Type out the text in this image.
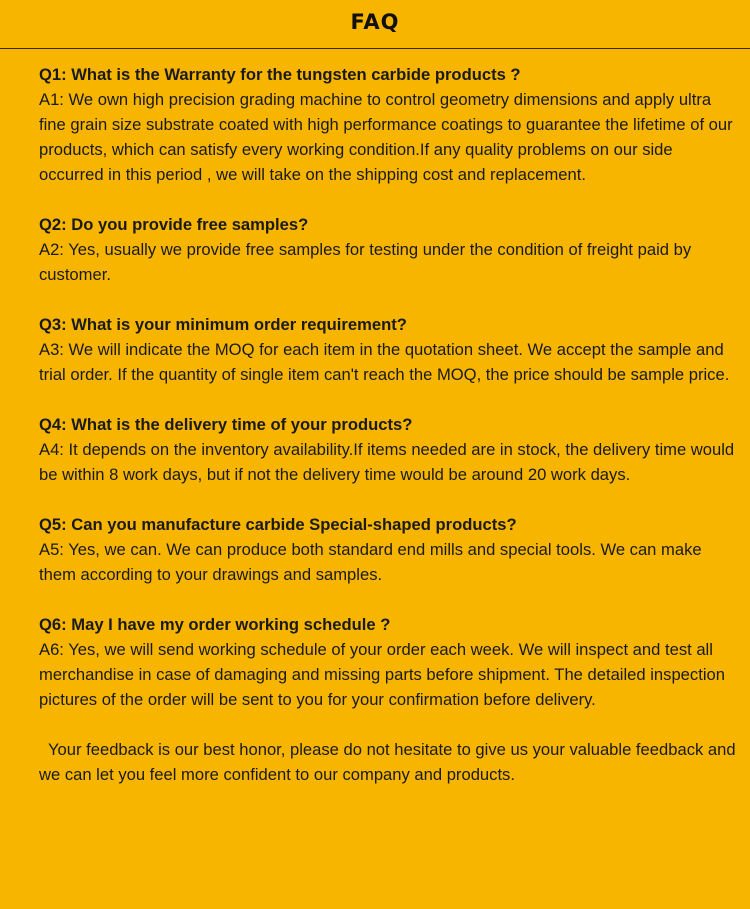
FAQ

Q1: What is the Warranty for the tungsten carbide products ?

A1: We own high precision grading machine to control geometry dimensions and apply ultra fine grain size substrate coated with high performance coatings to guarantee the lifetime of our products, which can satisfy every working condition.If any quality problems on our side occurred in this period , we will take on the shipping cost and replacement.

Q2: Do you provide free samples?

A2: Yes, usually we provide free samples for testing under the condition of freight paid by customer.

Q3: What is your minimum order requirement?

A3: We will indicate the MOQ for each item in the quotation sheet. We accept the sample and trial order. If the quantity of single item can't reach the MOQ, the price should be sample price.

Q4: What is the delivery time of your products?

A4: It depends on the inventory availability.If items needed are in stock, the delivery time would be within 8 work days, but if not the delivery time would be around 20 work days.

Q5: Can you manufacture carbide Special-shaped products?

A5: Yes, we can. We can produce both standard end mills and special tools. We can make them according to your drawings and samples.

Q6: May I have my order working schedule ?

A6: Yes, we will send working schedule of your order each week. We will inspect and test all merchandise in case of damaging and missing parts before shipment. The detailed inspection pictures of the order will be sent to you for your confirmation before delivery.

Your feedback is our best honor, please do not hesitate to give us your valuable feedback and we can let you feel more confident to our company and products.
